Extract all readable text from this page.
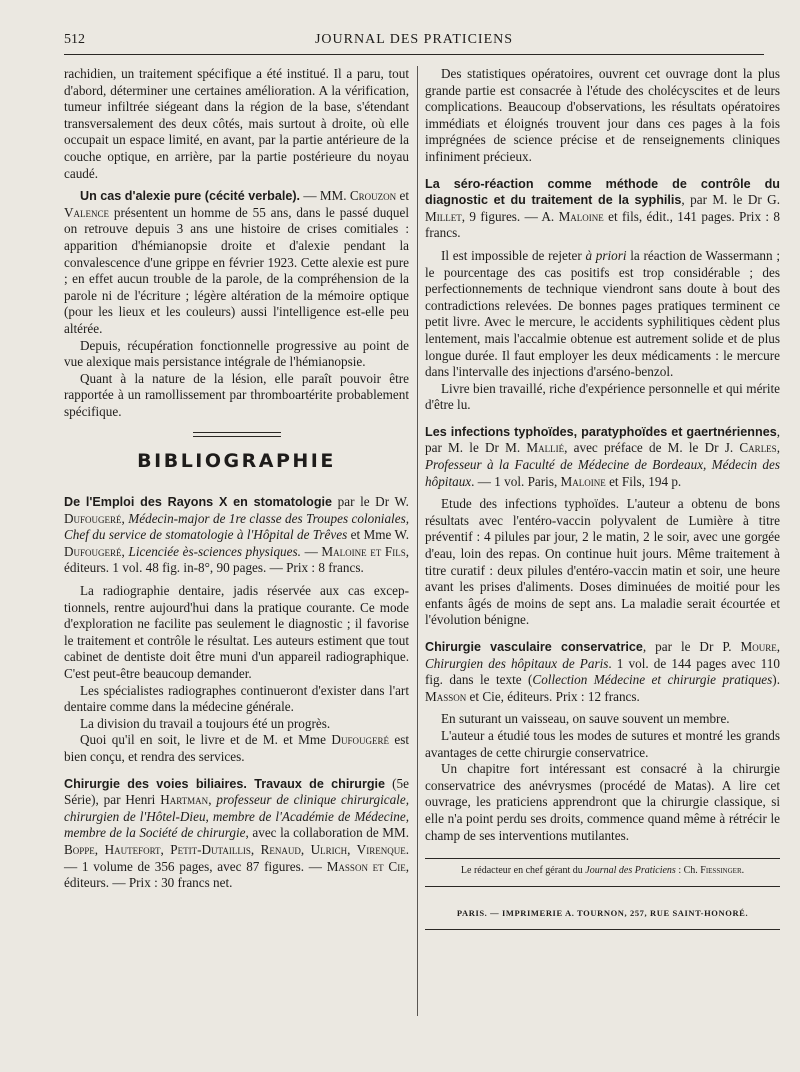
512	JOURNAL DES PRATICIENS

rachidien, un traitement spécifique a été institué. Il a paru, tout d'abord, déterminer une certaines amélioration. A la vérification, tumeur infiltrée siégeant dans la région de la base, s'étendant transversalement des deux côtés, mais surtout à droite, où elle occupait un espace limité, en avant, par la partie antérieure de la couche optique, en arrière, par la partie postérieure du noyau caudé.

Un cas d'alexie pure (cécité verbale). — MM. Crouzon et Valence présentent un homme de 55 ans, dans le passé duquel on retrouve depuis 3 ans une histoire de crises comitiales : apparition d'hémianopsie droite et d'alexie pendant la convalescence d'une grippe en février 1923. Cette alexie est pure ; en effet aucun trouble de la parole, de la compréhension de la parole ni de l'écriture ; légère altération de la mémoire optique (pour les lieux et les couleurs) aussi l'intelligence est-elle peu altérée.

Depuis, récupération fonctionnelle progressive au point de vue alexique mais persistance intégrale de l'hémianopsie.

Quant à la nature de la lésion, elle paraît pouvoir être rapportée à un ramollissement par thromboartérite probablement spécifique.

BIBLIOGRAPHIE

De l'Emploi des Rayons X en stomatologie par le Dr W. Dufougeré, Médecin-major de 1re classe des Troupes coloniales, Chef du service de stomatologie à l'Hôpital de Trêves et Mme W. Dufougeré, Licenciée ès-sciences physiques. — Maloine et Fils, éditeurs. 1 vol. 48 fig. in-8°, 90 pages. — Prix : 8 francs.

La radiographie dentaire, jadis réservée aux cas exceptionnels, rentre aujourd'hui dans la pratique courante. Ce mode d'exploration ne facilite pas seulement le diagnostic ; il favorise le traitement et contrôle le résultat. Les auteurs estiment que tout cabinet de dentiste doit être muni d'un appareil radiographique. C'est peut-être beaucoup demander.

Les spécialistes radiographes continueront d'exister dans l'art dentaire comme dans la médecine générale.

La division du travail a toujours été un progrès.

Quoi qu'il en soit, le livre et de M. et Mme Dufougeré est bien conçu, et rendra des services.

Chirurgie des voies biliaires. Travaux de chirurgie (5e Série), par Henri Hartman, professeur de clinique chirurgicale, chirurgien de l'Hôtel-Dieu, membre de l'Académie de Médecine, membre de la Société de chirurgie, avec la collaboration de MM. Boppe, Hautefort, Petit-Dutaillis, Renaud, Ulrich, Virenque. — 1 volume de 356 pages, avec 87 figures. — Masson et Cie, éditeurs. — Prix : 30 francs net.

Des statistiques opératoires, ouvrent cet ouvrage dont la plus grande partie est consacrée à l'étude des cholécyscites et de leurs complications. Beaucoup d'observations, les résultats opératoires immédiats et éloignés trouvent jour dans ces pages à la fois imprégnées de science précise et de renseignements cliniques infiniment précieux.

La séro-réaction comme méthode de contrôle du diagnostic et du traitement de la syphilis, par M. le Dr G. Millet, 9 figures. — A. Maloine et fils, édit., 141 pages. Prix : 8 francs.

Il est impossible de rejeter à priori la réaction de Wassermann ; le pourcentage des cas positifs est trop considérable ; des perfectionnements de technique viendront sans doute à bout des contradictions relevées. De bonnes pages pratiques terminent ce petit livre. Avec le mercure, le accidents syphilitiques cèdent plus lentement, mais l'accalmie obtenue est autrement solide et de plus longue durée. Il faut employer les deux médicaments : le mercure dans l'intervalle des injections d'arséno-benzol.

Livre bien travaillé, riche d'expérience personnelle et qui mérite d'être lu.

Les infections typhoïdes, paratyphoïdes et gaertnériennes, par M. le Dr M. Mallié, avec préface de M. le Dr J. Carles, Professeur à la Faculté de Médecine de Bordeaux, Médecin des hôpitaux. — 1 vol. Paris, Maloine et Fils, 194 p.

Etude des infections typhoïdes. L'auteur a obtenu de bons résultats avec l'entéro-vaccin polyvalent de Lumière à titre préventif : 4 pilules par jour, 2 le matin, 2 le soir, avec une gorgée d'eau, loin des repas. On continue huit jours. Même traitement à titre curatif : deux pilules d'entéro-vaccin matin et soir, une heure avant les prises d'aliments. Doses diminuées de moitié pour les enfants âgés de moins de sept ans. La maladie serait écourtée et l'évolution bénigne.

Chirurgie vasculaire conservatrice, par le Dr P. Moure, Chirurgien des hôpitaux de Paris. 1 vol. de 144 pages avec 110 fig. dans le texte (Collection Médecine et chirurgie pratiques). Masson et Cie, éditeurs. Prix : 12 francs.

En suturant un vaisseau, on sauve souvent un membre.

L'auteur a étudié tous les modes de sutures et montré les grands avantages de cette chirurgie conservatrice.

Un chapitre fort intéressant est consacré à la chirurgie conservatrice des anévrysmes (procédé de Matas). A lire cet ouvrage, les praticiens apprendront que la chirurgie classique, si elle n'a point perdu ses droits, commence quand même à rétrécir le champ de ses interventions mutilantes.

Le rédacteur en chef gérant du Journal des Praticiens : Ch. Fiessinger.

PARIS. — IMPRIMERIE A. TOURNON, 257, RUE SAINT-HONORÉ.
